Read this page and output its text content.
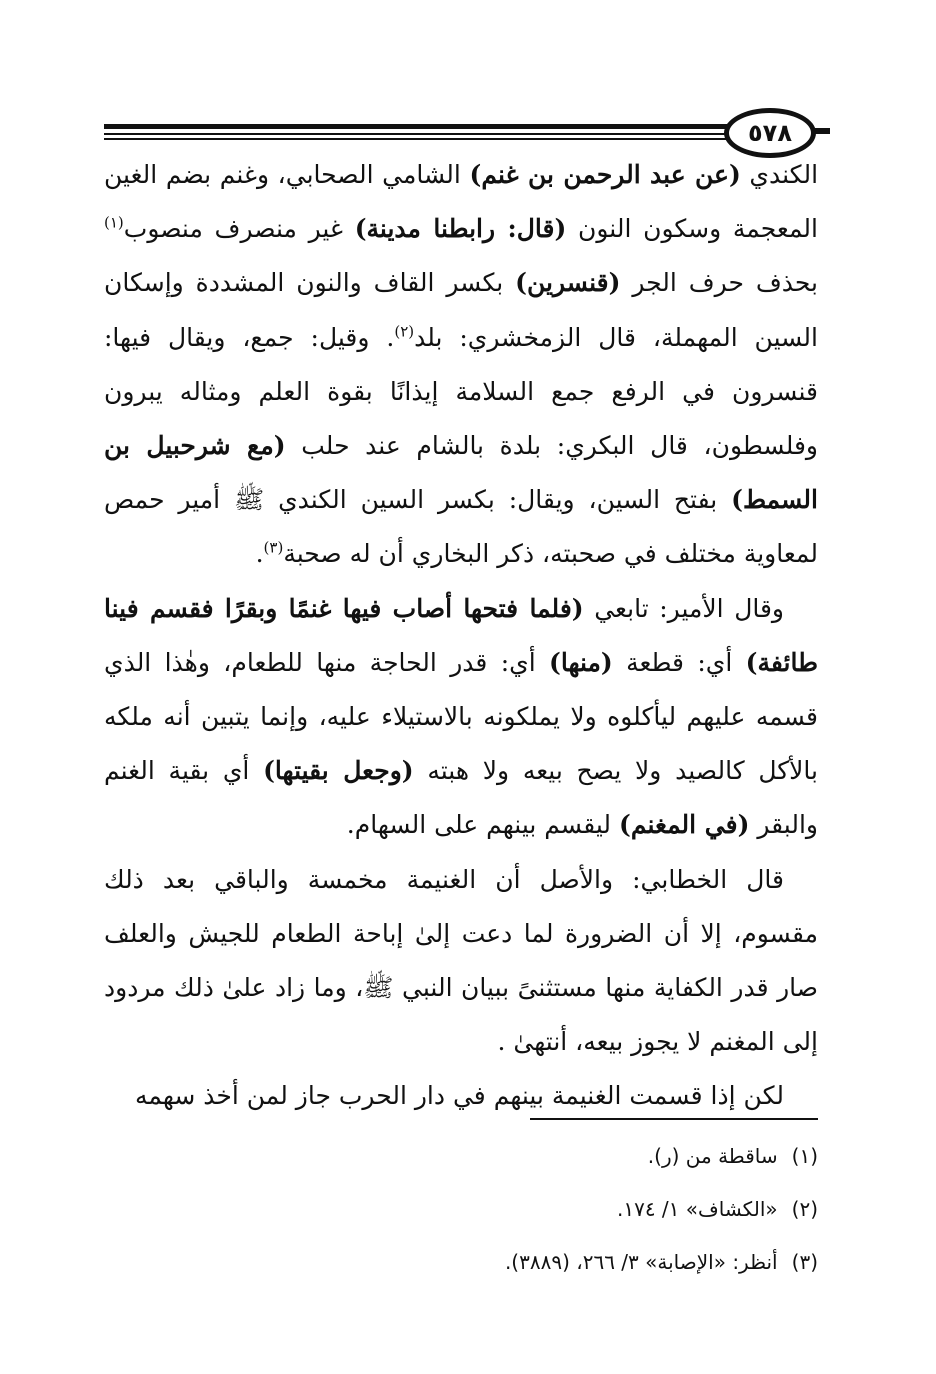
٥٧٨

الكندي (عن عبد الرحمن بن غنم) الشامي الصحابي، وغنم بضم الغين المعجمة وسكون النون (قال: رابطنا مدينة) غير منصرف منصوب$^{(١)}$ بحذف حرف الجر (قنسرين) بكسر القاف والنون المشددة وإسكان السين المهملة، قال الزمخشري: بلد$^{(٢)}$. وقيل: جمع، ويقال فيها: قنسرون في الرفع جمع السلامة إيذانًا بقوة العلم ومثاله يبرون وفلسطون، قال البكري: بلدة بالشام عند حلب (مع شرحبيل بن السمط) بفتح السين، ويقال: بكسر السين الكندي ﷺ أمير حمص لمعاوية مختلف في صحبته، ذكر البخاري أن له صحبة$^{(٣)}$.

وقال الأمير: تابعي (فلما فتحها أصاب فيها غنمًا وبقرًا فقسم فينا طائفة) أي: قطعة (منها) أي: قدر الحاجة منها للطعام، وهٰذا الذي قسمه عليهم ليأكلوه ولا يملكونه بالاستيلاء عليه، وإنما يتبين أنه ملكه بالأكل كالصيد ولا يصح بيعه ولا هبته (وجعل بقيتها) أي بقية الغنم والبقر (في المغنم) ليقسم بينهم على السهام.

قال الخطابي: والأصل أن الغنيمة مخمسة والباقي بعد ذلك مقسوم، إلا أن الضرورة لما دعت إلىٰ إباحة الطعام للجيش والعلف صار قدر الكفاية منها مستثنىً ببيان النبي ﷺ، وما زاد علىٰ ذلك مردود إلى المغنم لا يجوز بيعه، أنتهىٰ .

لكن إذا قسمت الغنيمة بينهم في دار الحرب جاز لمن أخذ سهمه

(١)ساقطة من (ر).

(٢)«الكشاف» ١/ ١٧٤.

(٣)أنظر: «الإصابة» ٣/ ٢٦٦، (٣٨٨٩).
